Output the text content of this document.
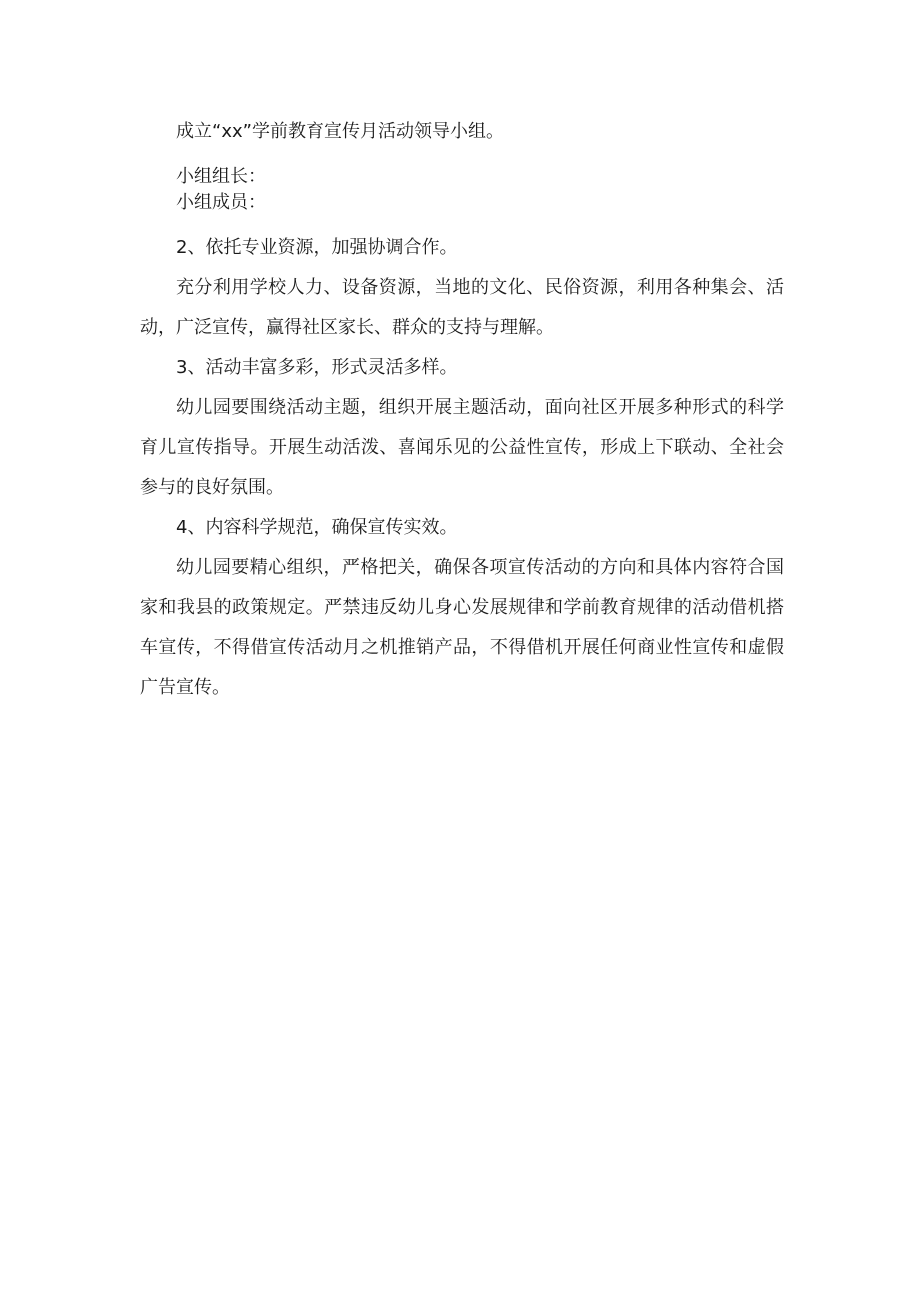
成立“xx”学前教育宣传月活动领导小组。

小组组长：

小组成员：

2、依托专业资源，加强协调合作。

充分利用学校人力、设备资源，当地的文化、民俗资源，利用各种集会、活动，广泛宣传，赢得社区家长、群众的支持与理解。

3、活动丰富多彩，形式灵活多样。

幼儿园要围绕活动主题，组织开展主题活动，面向社区开展多种形式的科学育儿宣传指导。开展生动活泼、喜闻乐见的公益性宣传，形成上下联动、全社会参与的良好氛围。

4、内容科学规范，确保宣传实效。

幼儿园要精心组织，严格把关，确保各项宣传活动的方向和具体内容符合国家和我县的政策规定。严禁违反幼儿身心发展规律和学前教育规律的活动借机搭车宣传，不得借宣传活动月之机推销产品，不得借机开展任何商业性宣传和虚假广告宣传。
